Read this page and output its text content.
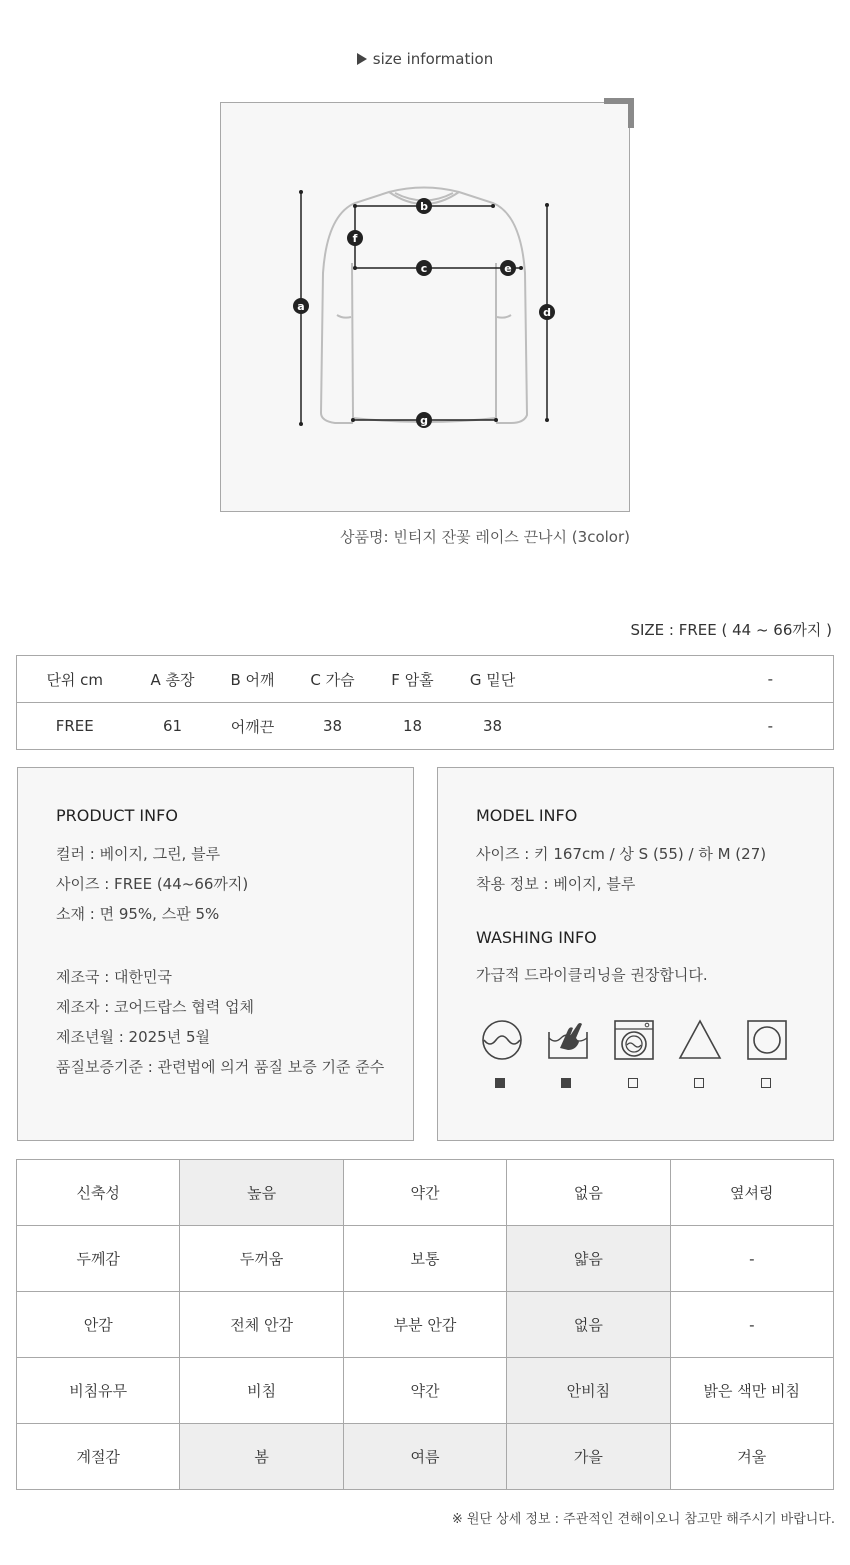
size information
a
b
c
d
e
f
g
상품명: 빈티지 잔꽃 레이스 끈나시 (3color)
SIZE : FREE ( 44 ~ 66까지 )
단위 cm	A 총장	B 어깨	C 가슴	F 암홀	G 밑단	-
FREE	61	어깨끈	38	18	38	-
PRODUCT INFO
컬러 : 베이지, 그린, 블루
사이즈 : FREE (44~66까지)
소재 : 면 95%, 스판 5%
제조국 : 대한민국
제조자 : 코어드랍스 협력 업체
제조년월 : 2025년 5월
품질보증기준 : 관련법에 의거 품질 보증 기준 준수
MODEL INFO
사이즈 : 키 167cm / 상 S (55) / 하 M (27)
착용 정보 : 베이지, 블루
WASHING INFO
가급적 드라이클리닝을 권장합니다.
신축성	높음	약간	없음	옆셔링
두께감	두꺼움	보통	얇음	-
안감	전체 안감	부분 안감	없음	-
비침유무	비침	약간	안비침	밝은 색만 비침
계절감	봄	여름	가을	겨울
※ 원단 상세 정보 : 주관적인 견해이오니 참고만 해주시기 바랍니다.
